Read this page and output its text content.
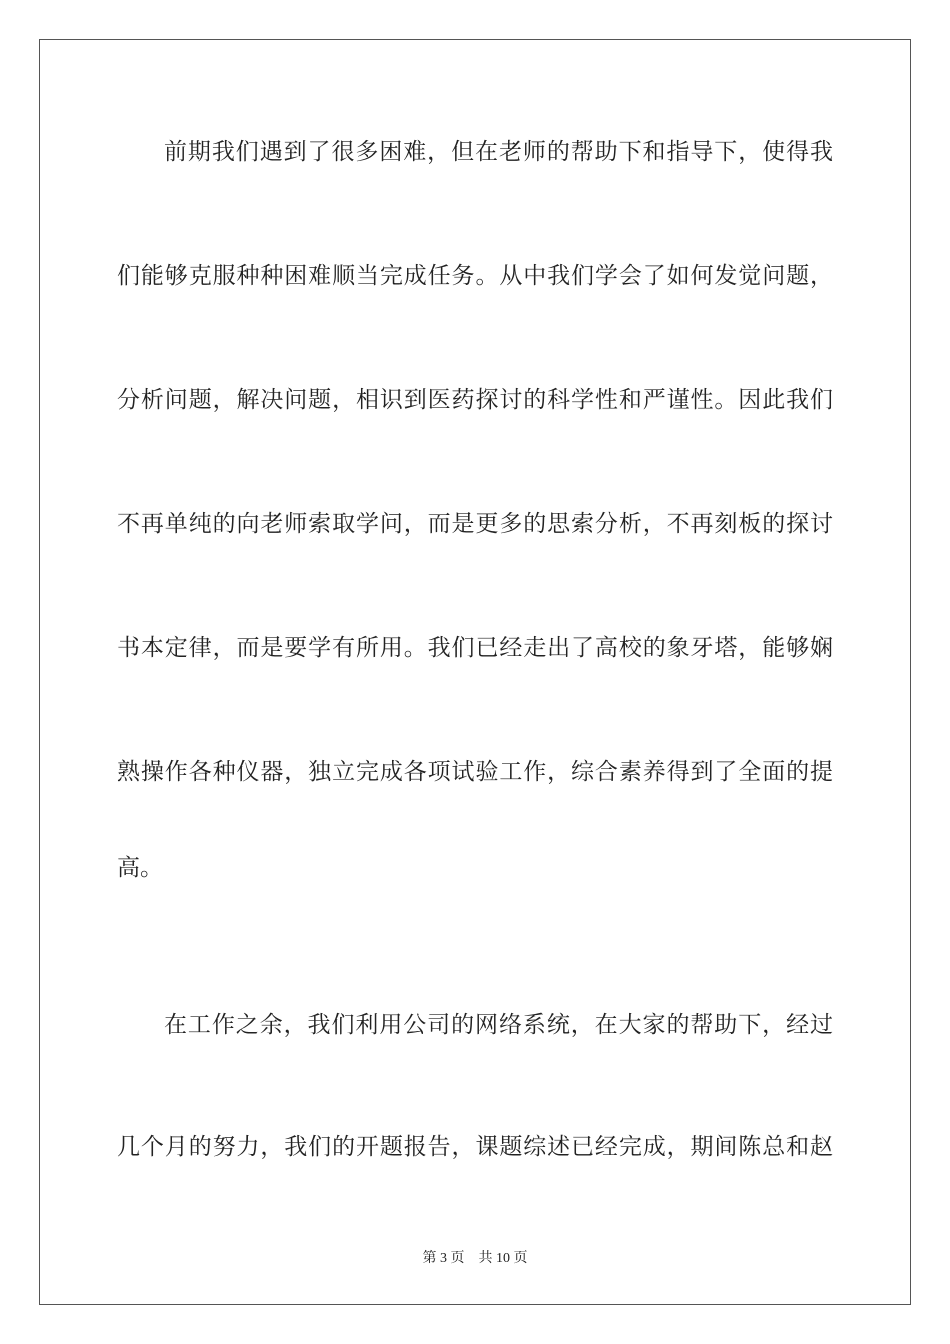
前期我们遇到了很多困难，但在老师的帮助下和指导下，使得我
们能够克服种种困难顺当完成任务。从中我们学会了如何发觉问题，
分析问题，解决问题，相识到医药探讨的科学性和严谨性。因此我们
不再单纯的向老师索取学问，而是更多的思索分析，不再刻板的探讨
书本定律，而是要学有所用。我们已经走出了高校的象牙塔，能够娴
熟操作各种仪器，独立完成各项试验工作，综合素养得到了全面的提
高。
在工作之余，我们利用公司的网络系统，在大家的帮助下，经过
几个月的努力，我们的开题报告，课题综述已经完成，期间陈总和赵
第 3 页　共 10 页
